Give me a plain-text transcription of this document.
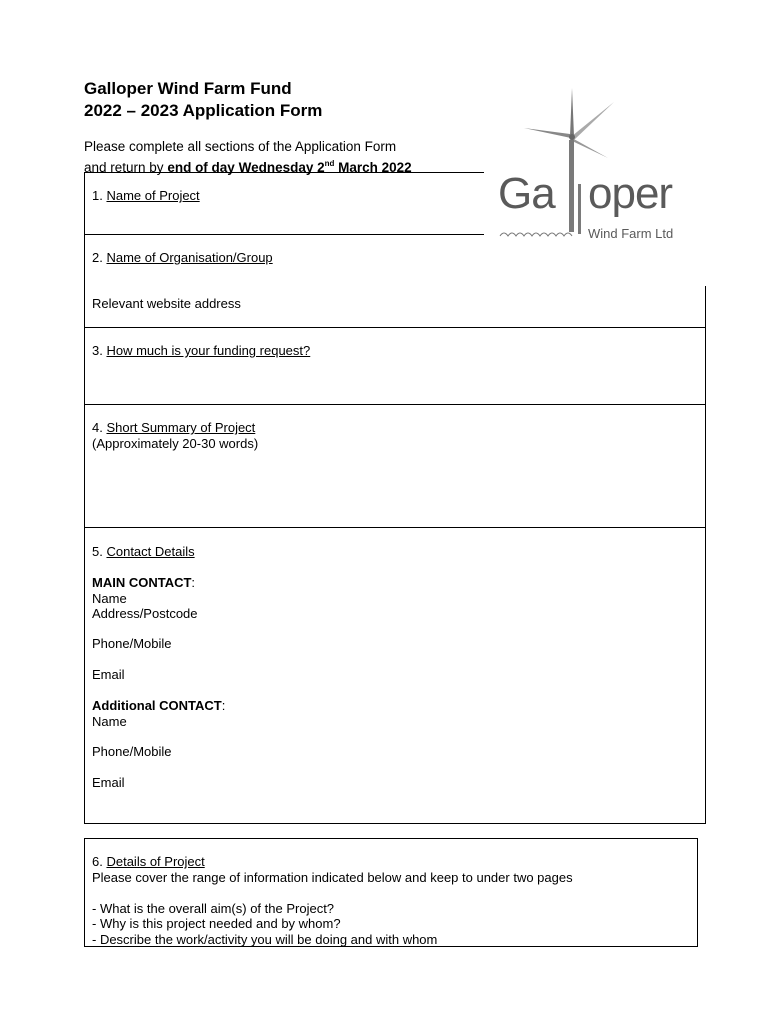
Galloper Wind Farm Fund
2022 – 2023 Application Form
Please complete all sections of the Application Form
and return by end of day Wednesday 2nd March 2022
Ga oper
Wind Farm Ltd
1. Name of Project
2. Name of Organisation/Group
Relevant website address
3. How much is your funding request?
4. Short Summary of Project
(Approximately 20-30 words)
5. Contact Details
MAIN CONTACT:
Name
Address/Postcode
Phone/Mobile
Email
Additional CONTACT:
Name
Phone/Mobile
Email
6. Details of Project
Please cover the range of information indicated below and keep to under two pages
- What is the overall aim(s) of the Project?
- Why is this project needed and by whom?
- Describe the work/activity you will be doing and with whom
